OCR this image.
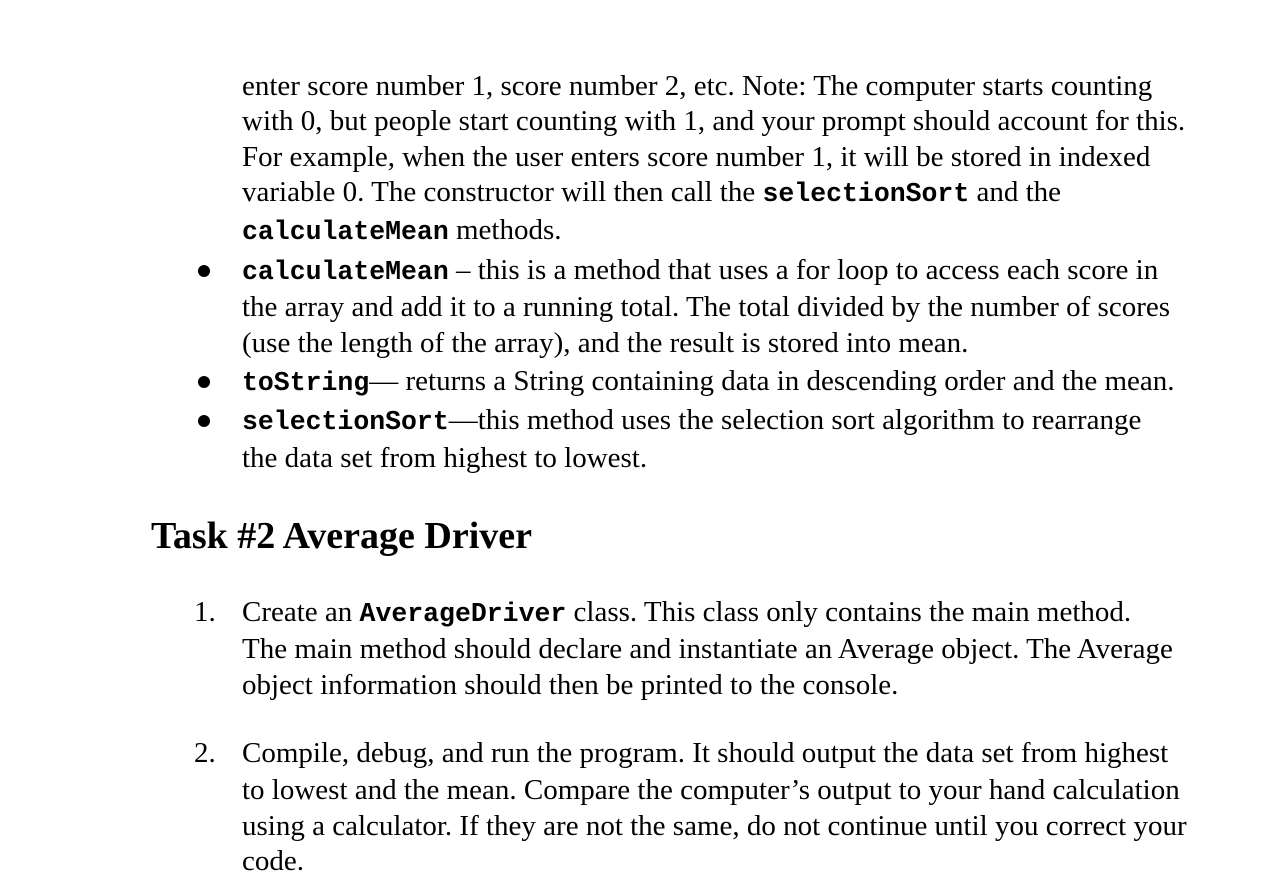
enter score number 1, score number 2, etc. Note: The computer starts counting
with 0, but people start counting with 1, and your prompt should account for this.
For example, when the user enters score number 1, it will be stored in indexed
variable 0. The constructor will then call the selectionSort and the
calculateMean methods.
calculateMean – this is a method that uses a for loop to access each score in
the array and add it to a running total. The total divided by the number of scores
(use the length of the array), and the result is stored into mean.
toString— returns a String containing data in descending order and the mean.
selectionSort—this method uses the selection sort algorithm to rearrange
the data set from highest to lowest.
Task #2 Average Driver
1. Create an AverageDriver class. This class only contains the main method.
The main method should declare and instantiate an Average object. The Average
object information should then be printed to the console.
2. Compile, debug, and run the program. It should output the data set from highest
to lowest and the mean. Compare the computer’s output to your hand calculation
using a calculator. If they are not the same, do not continue until you correct your
code.
